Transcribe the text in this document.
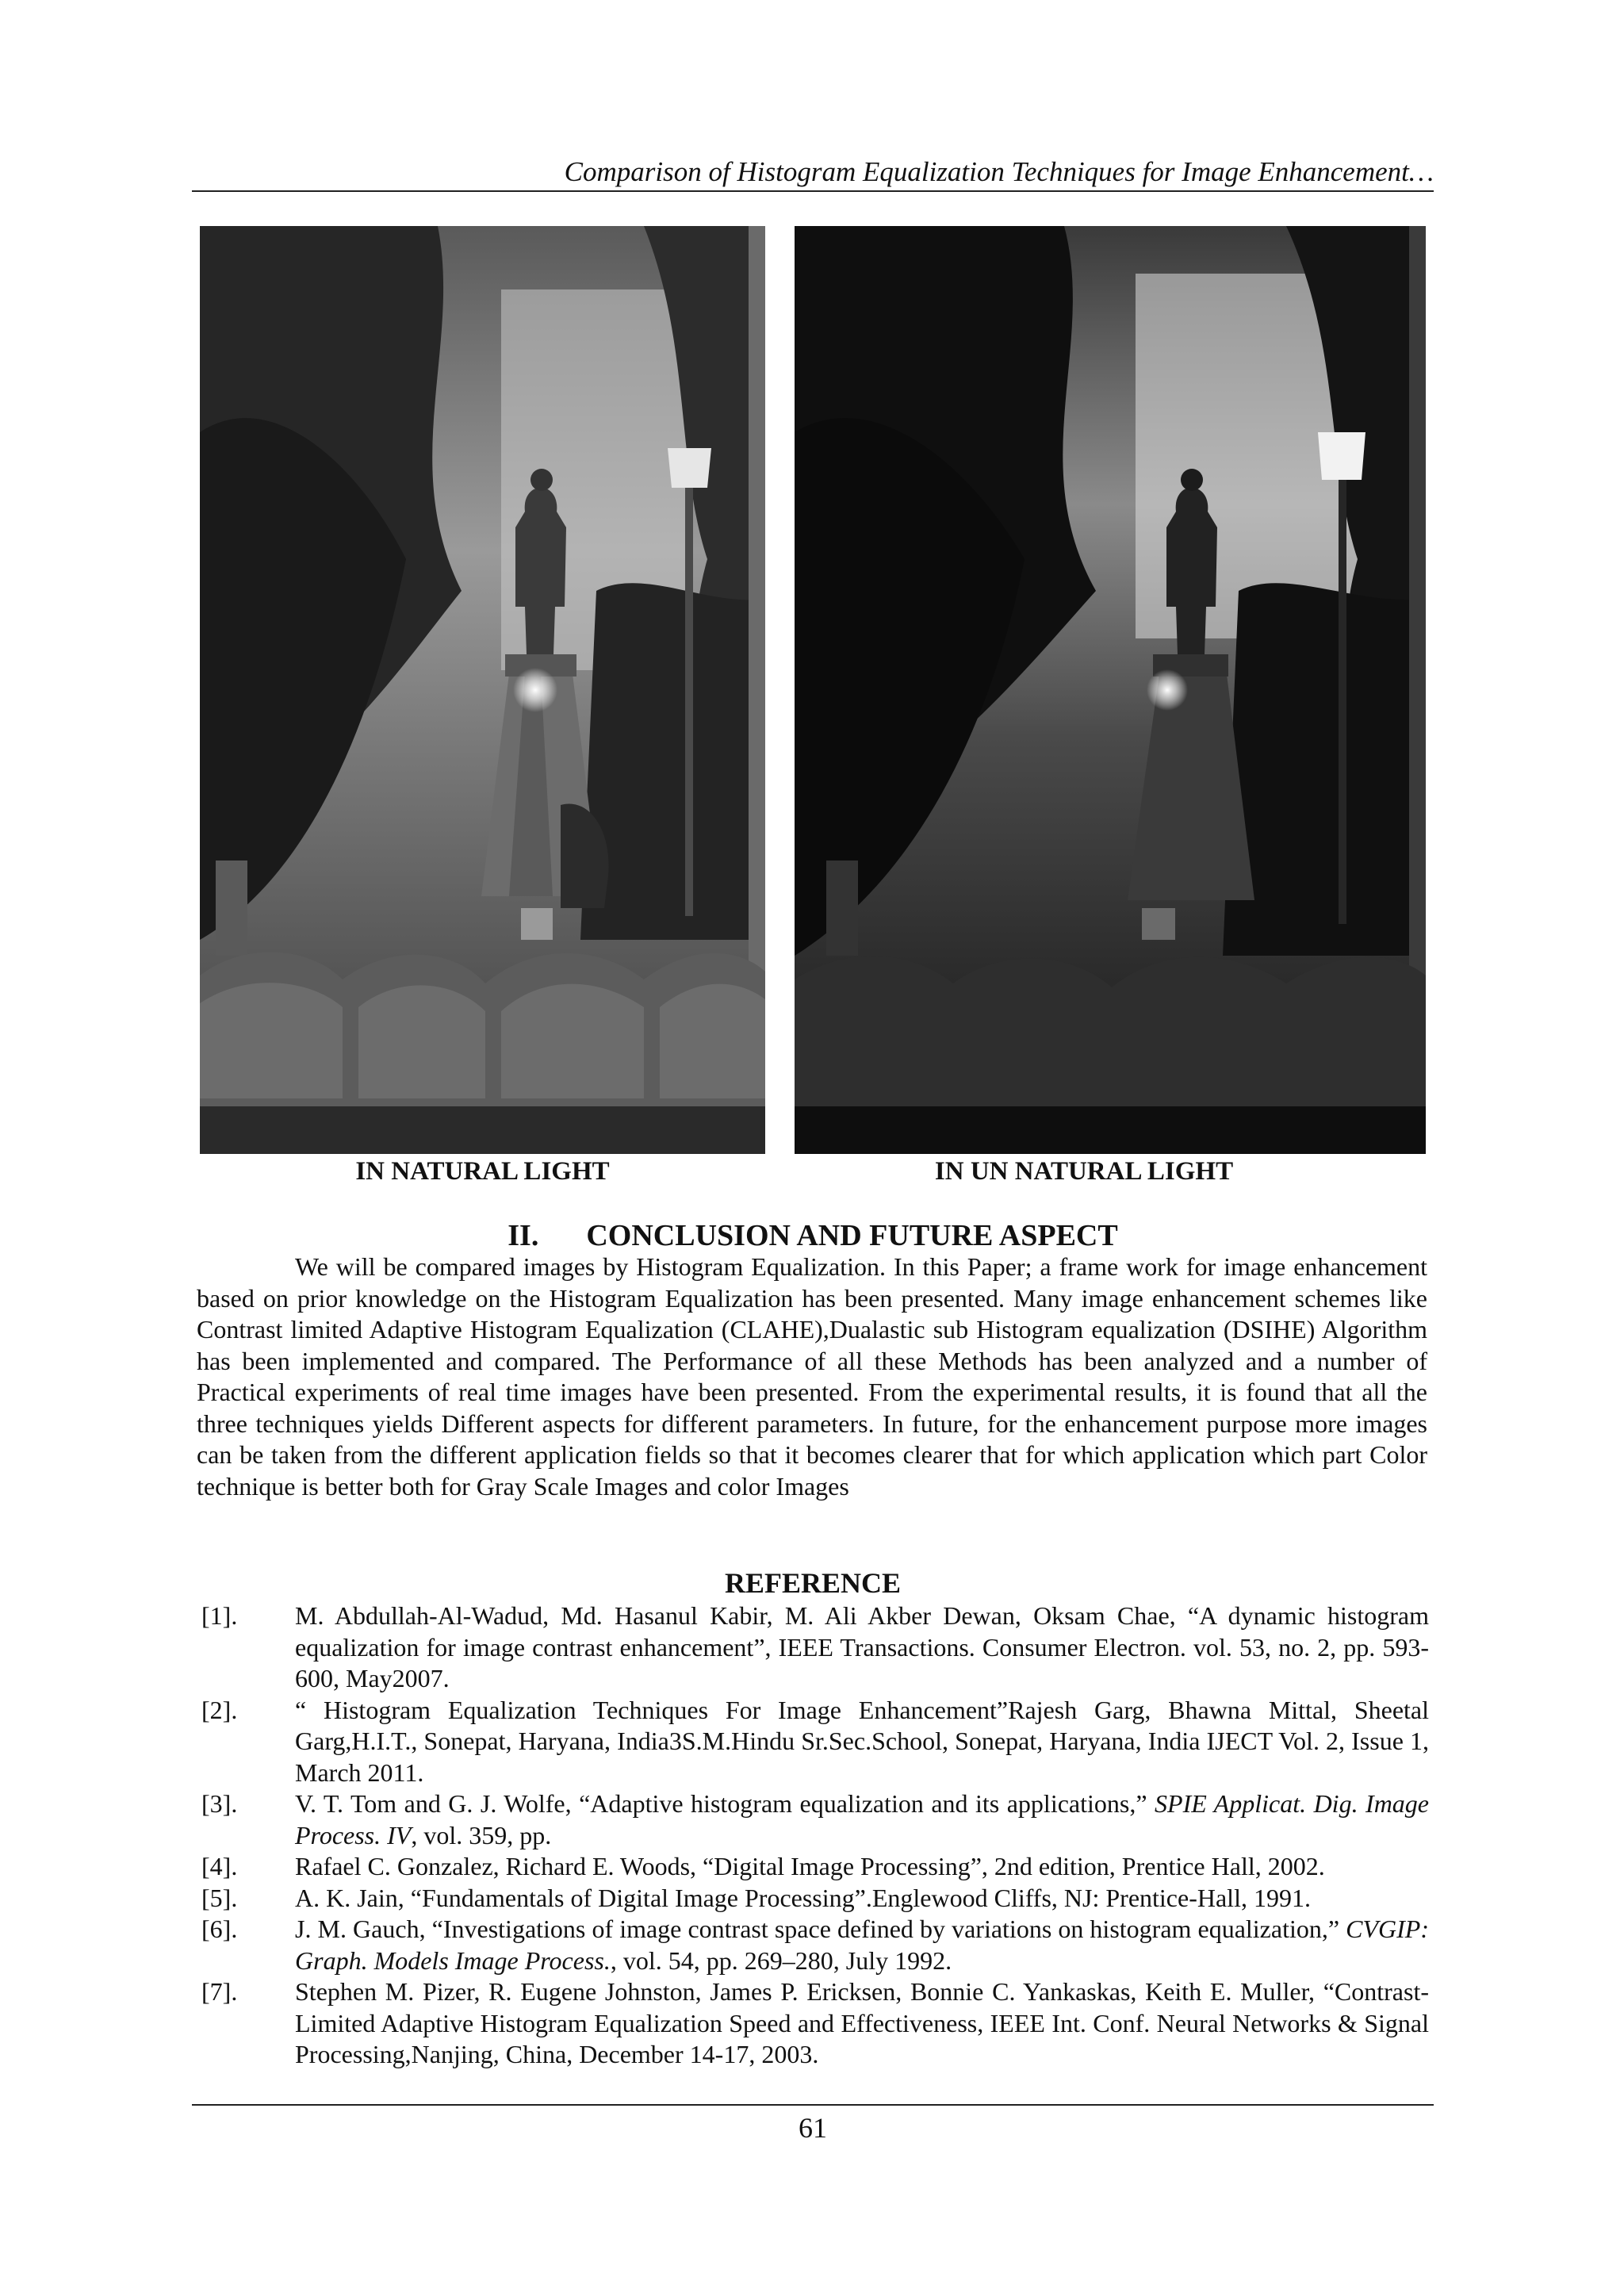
Comparison of Histogram Equalization Techniques for Image Enhancement…
IN NATURAL LIGHT	IN UN NATURAL LIGHT
II. CONCLUSION AND FUTURE ASPECT

We will be compared images by Histogram Equalization. In this Paper; a frame work for image enhancement based on prior knowledge on the Histogram Equalization has been presented. Many image enhancement schemes like Contrast limited Adaptive Histogram Equalization (CLAHE),Dualastic sub Histogram equalization (DSIHE) Algorithm has been implemented and compared. The Performance of all these Methods has been analyzed and a number of Practical experiments of real time images have been presented. From the experimental results, it is found that all the three techniques yields Different aspects for different parameters. In future, for the enhancement purpose more images can be taken from the different application fields so that it becomes clearer that for which application which part Color technique is better both for Gray Scale Images and color Images

REFERENCE
[1]. M. Abdullah-Al-Wadud, Md. Hasanul Kabir, M. Ali Akber Dewan, Oksam Chae, “A dynamic histogram equalization for image contrast enhancement”, IEEE Transactions. Consumer Electron. vol. 53, no. 2, pp. 593- 600, May2007.
[2]. “ Histogram Equalization Techniques For Image Enhancement”Rajesh Garg, Bhawna Mittal, Sheetal Garg,H.I.T., Sonepat, Haryana, India3S.M.Hindu Sr.Sec.School, Sonepat, Haryana, India IJECT Vol. 2, Issue 1, March 2011.
[3]. V. T. Tom and G. J. Wolfe, “Adaptive histogram equalization and its applications,” SPIE Applicat. Dig. Image Process. IV, vol. 359, pp.
[4]. Rafael C. Gonzalez, Richard E. Woods, “Digital Image Processing”, 2nd edition, Prentice Hall, 2002.
[5]. A. K. Jain, “Fundamentals of Digital Image Processing”.Englewood Cliffs, NJ: Prentice-Hall, 1991.
[6]. J. M. Gauch, “Investigations of image contrast space defined by variations on histogram equalization,” CVGIP: Graph. Models Image Process., vol. 54, pp. 269–280, July 1992.
[7]. Stephen M. Pizer, R. Eugene Johnston, James P. Ericksen, Bonnie C. Yankaskas, Keith E. Muller, “Contrast-Limited Adaptive Histogram Equalization Speed and Effectiveness, IEEE Int. Conf. Neural Networks & Signal Processing,Nanjing, China, December 14-17, 2003.
61
